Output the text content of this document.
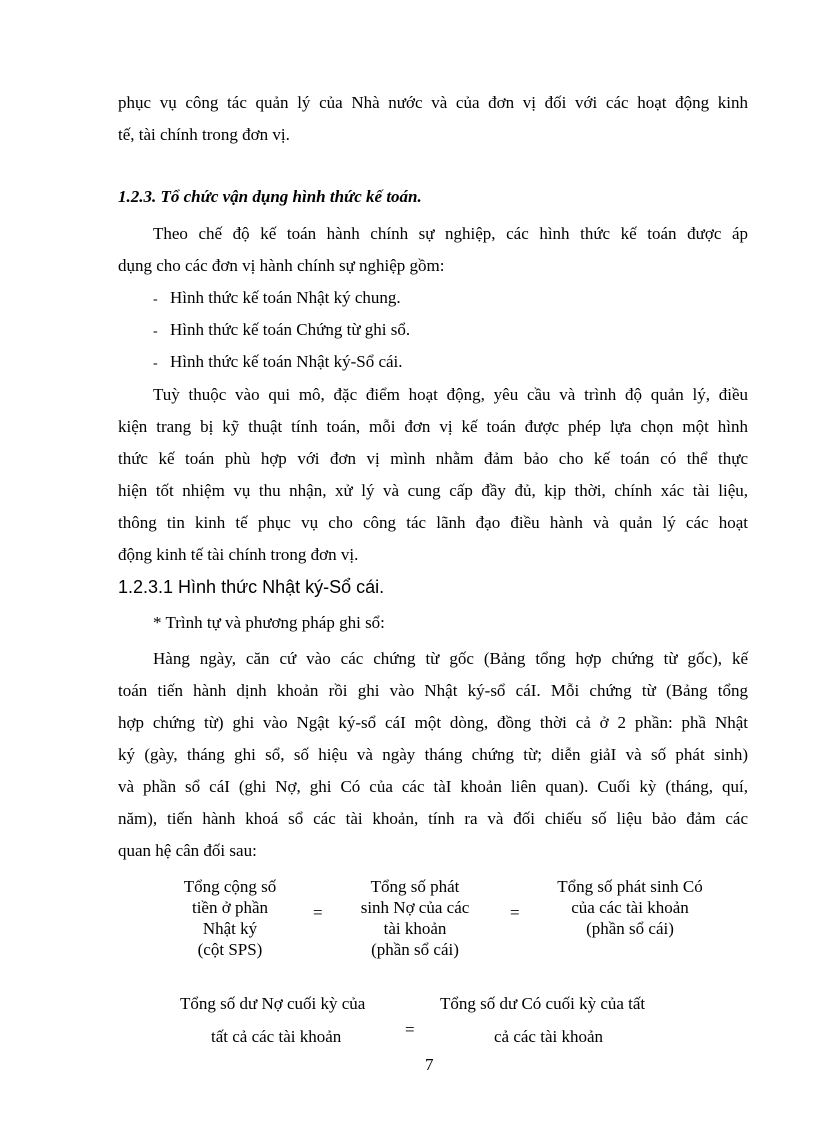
phục vụ công tác quản lý của Nhà nước và của đơn vị đối với các hoạt động kinh
tế, tài chính trong đơn vị.
1.2.3. Tổ chức vận dụng hình thức kế toán.
Theo chế độ kế toán hành chính sự nghiệp, các hình thức kế toán được áp
dụng cho các đơn vị hành chính sự nghiệp gồm:
- Hình thức kế toán Nhật ký chung.
- Hình thức kế toán Chứng từ ghi sổ.
- Hình thức kế toán Nhật ký-Sổ cái.
Tuỳ thuộc vào qui mô, đặc điểm hoạt động, yêu cầu và trình độ quản lý, điều
kiện trang bị kỹ thuật tính toán, mỗi đơn vị kế toán được phép lựa chọn một hình
thức kế toán phù hợp với đơn vị mình nhằm đảm bảo cho kế toán có thể thực
hiện tốt nhiệm vụ thu nhận, xử lý và cung cấp đầy đủ, kịp thời, chính xác tài liệu,
thông tin kinh tế phục vụ cho công tác lãnh đạo điều hành và quản lý các hoạt
động kinh tế tài chính trong đơn vị.
1.2.3.1 Hình thức Nhật ký-Sổ cái.
* Trình tự và phương pháp ghi sổ:
Hàng ngày, căn cứ vào các chứng từ gốc (Bảng tổng hợp chứng từ gốc), kế
toán tiến hành dịnh khoản rồi ghi vào Nhật ký-sổ cáI. Mỗi chứng từ (Bảng tổng
hợp chứng từ) ghi vào Ngật ký-sổ cáI một dòng, đồng thời cả ở 2 phần: phầ Nhật
ký (gày, tháng ghi sổ, số hiệu và ngày tháng chứng từ; diễn giảI và số phát sinh)
và phần sổ cáI (ghi Nợ, ghi Có của các tàI khoản liên quan). Cuối kỳ (tháng, quí,
năm), tiến hành khoá sổ các tài khoản, tính ra và đối chiếu số liệu bảo đảm các
quan hệ cân đối sau:
Tổng cộng số
tiền ở phần
Nhật ký
(cột SPS)
=
Tổng số phát
sinh Nợ của các
tài khoản
(phần sổ cái)
=
Tổng số phát sinh Có
của các tài khoản
(phần sổ cái)
Tổng số dư Nợ cuối kỳ của
tất cả các tài khoản	=
Tổng số dư Có cuối kỳ của tất
cả các tài khoản
7
